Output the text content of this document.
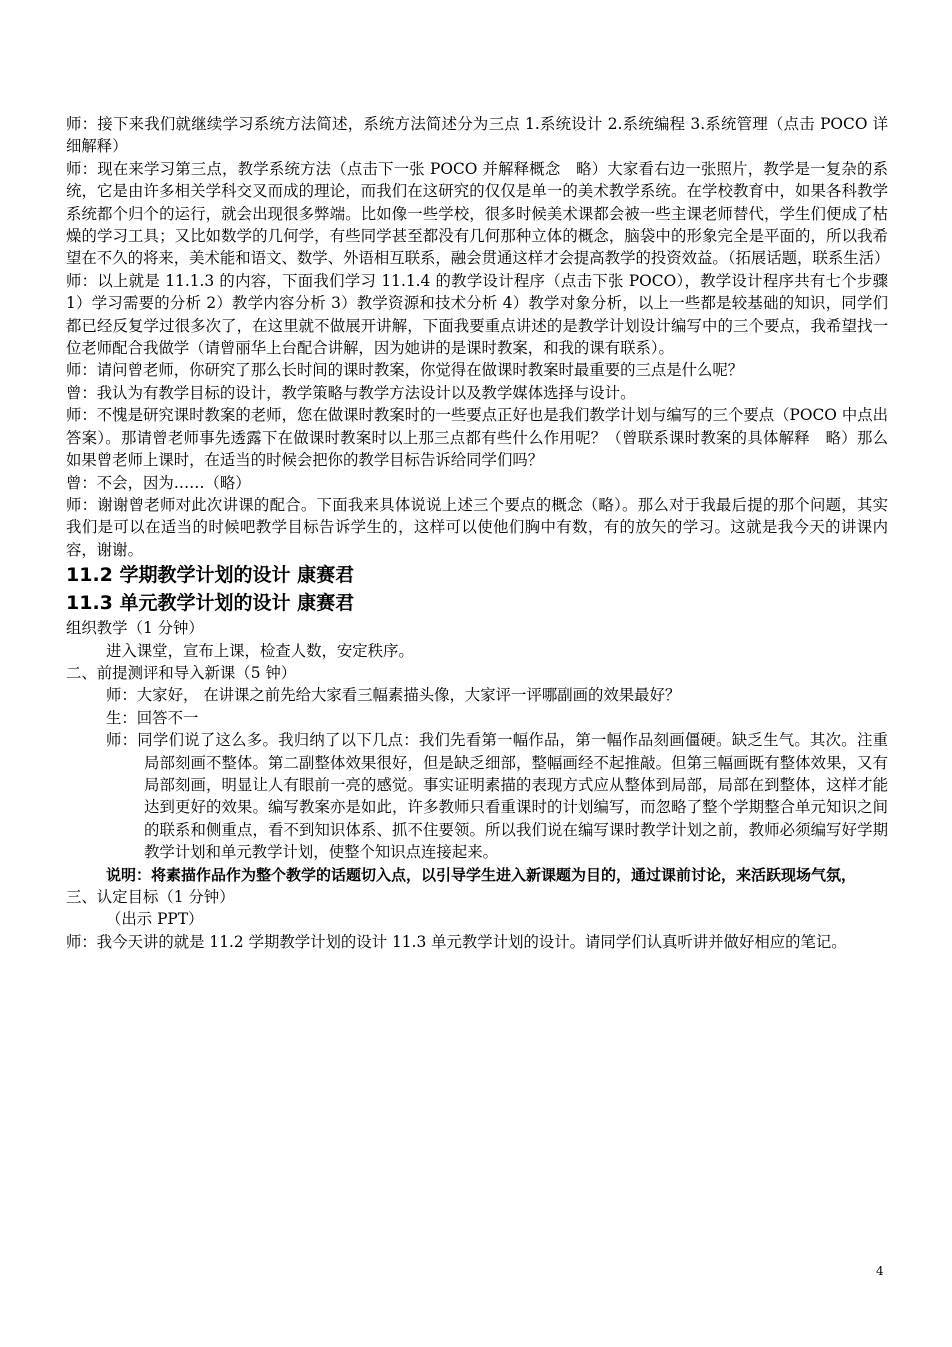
师：接下来我们就继续学习系统方法简述，系统方法简述分为三点 1.系统设计 2.系统编程 3.系统管理（点击 POCO 详细解释）

师：现在来学习第三点，教学系统方法（点击下一张 POCO 并解释概念　略）大家看右边一张照片，教学是一复杂的系统，它是由许多相关学科交叉而成的理论，而我们在这研究的仅仅是单一的美术教学系统。在学校教育中，如果各科教学系统都个归个的运行，就会出现很多弊端。比如像一些学校，很多时候美术课都会被一些主课老师替代，学生们便成了枯燥的学习工具；又比如数学的几何学，有些同学甚至都没有几何那种立体的概念，脑袋中的形象完全是平面的，所以我希望在不久的将来，美术能和语文、数学、外语相互联系，融会贯通这样才会提高教学的投资效益。（拓展话题，联系生活）

师：以上就是 11.1.3 的内容，下面我们学习 11.1.4 的教学设计程序（点击下张 POCO），教学设计程序共有七个步骤 1）学习需要的分析 2）教学内容分析 3）教学资源和技术分析 4）教学对象分析，以上一些都是较基础的知识，同学们都已经反复学过很多次了，在这里就不做展开讲解，下面我要重点讲述的是教学计划设计编写中的三个要点，我希望找一位老师配合我做学（请曾丽华上台配合讲解，因为她讲的是课时教案，和我的课有联系）。

师：请问曾老师，你研究了那么长时间的课时教案，你觉得在做课时教案时最重要的三点是什么呢？

曾：我认为有教学目标的设计，教学策略与教学方法设计以及教学媒体选择与设计。

师：不愧是研究课时教案的老师，您在做课时教案时的一些要点正好也是我们教学计划与编写的三个要点（POCO 中点出答案）。那请曾老师事先透露下在做课时教案时以上那三点都有些什么作用呢？（曾联系课时教案的具体解释　略）那么如果曾老师上课时，在适当的时候会把你的教学目标告诉给同学们吗？

曾：不会，因为……（略）

师：谢谢曾老师对此次讲课的配合。下面我来具体说说上述三个要点的概念（略）。那么对于我最后提的那个问题，其实我们是可以在适当的时候吧教学目标告诉学生的，这样可以使他们胸中有数，有的放矢的学习。这就是我今天的讲课内容，谢谢。

11.2 学期教学计划的设计 康赛君

11.3 单元教学计划的设计 康赛君

组织教学（1 分钟）

进入课堂，宣布上课，检查人数，安定秩序。

二、前提测评和导入新课（5 钟）

师：大家好， 在讲课之前先给大家看三幅素描头像，大家评一评哪副画的效果最好？

生：回答不一

师：同学们说了这么多。我归纳了以下几点：我们先看第一幅作品，第一幅作品刻画僵硬。缺乏生气。其次。注重局部刻画不整体。第二副整体效果很好，但是缺乏细部，整幅画经不起推敲。但第三幅画既有整体效果，又有局部刻画，明显让人有眼前一亮的感觉。事实证明素描的表现方式应从整体到局部，局部在到整体，这样才能达到更好的效果。编写教案亦是如此，许多教师只看重课时的计划编写，而忽略了整个学期整合单元知识之间的联系和侧重点，看不到知识体系、抓不住要领。所以我们说在编写课时教学计划之前，教师必须编写好学期教学计划和单元教学计划，使整个知识点连接起来。

说明：将素描作品作为整个教学的话题切入点，以引导学生进入新课题为目的，通过课前讨论，来活跃现场气氛，

三、认定目标（1 分钟）

（出示 PPT）

师：我今天讲的就是 11.2 学期教学计划的设计 11.3 单元教学计划的设计。请同学们认真听讲并做好相应的笔记。

4
